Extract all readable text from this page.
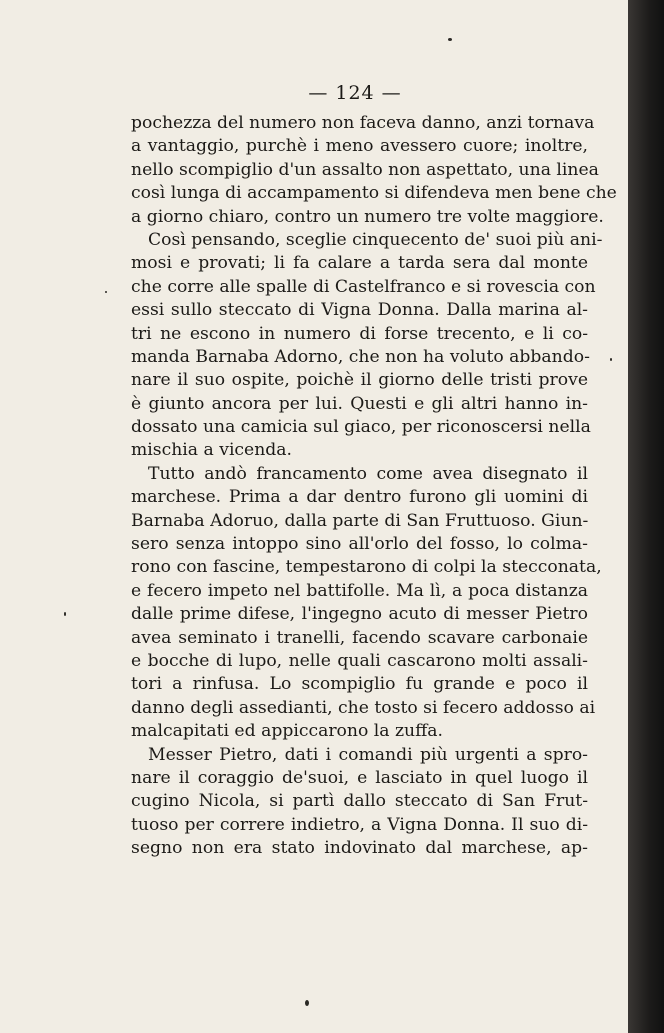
— 124 —
pochezza del numero non faceva danno, anzi tornava
a vantaggio, purchè i meno avessero cuore; inoltre,
nello scompiglio d'un assalto non aspettato, una linea
così lunga di accampamento si difendeva men bene che
a giorno chiaro, contro un numero tre volte maggiore.
Così pensando, sceglie cinquecento de' suoi più ani-
mosi e provati; li fa calare a tarda sera dal monte
che corre alle spalle di Castelfranco e si rovescia con
essi sullo steccato di Vigna Donna. Dalla marina al-
tri ne escono in numero di forse trecento, e li co-
manda Barnaba Adorno, che non ha voluto abbando-
nare il suo ospite, poichè il giorno delle tristi prove
è giunto ancora per lui. Questi e gli altri hanno in-
dossato una camicia sul giaco, per riconoscersi nella
mischia a vicenda.
Tutto andò francamento come avea disegnato il
marchese. Prima a dar dentro furono gli uomini di
Barnaba Adoruo, dalla parte di San Fruttuoso. Giun-
sero senza intoppo sino all'orlo del fosso, lo colma-
rono con fascine, tempestarono di colpi la stecconata,
e fecero impeto nel battifolle. Ma lì, a poca distanza
dalle prime difese, l'ingegno acuto di messer Pietro
avea seminato i tranelli, facendo scavare carbonaie
e bocche di lupo, nelle quali cascarono molti assali-
tori a rinfusa. Lo scompiglio fu grande e poco il
danno degli assedianti, che tosto si fecero addosso ai
malcapitati ed appiccarono la zuffa.
Messer Pietro, dati i comandi più urgenti a spro-
nare il coraggio de'suoi, e lasciato in quel luogo il
cugino Nicola, si partì dallo steccato di San Frut-
tuoso per correre indietro, a Vigna Donna. Il suo di-
segno non era stato indovinato dal marchese, ap-
